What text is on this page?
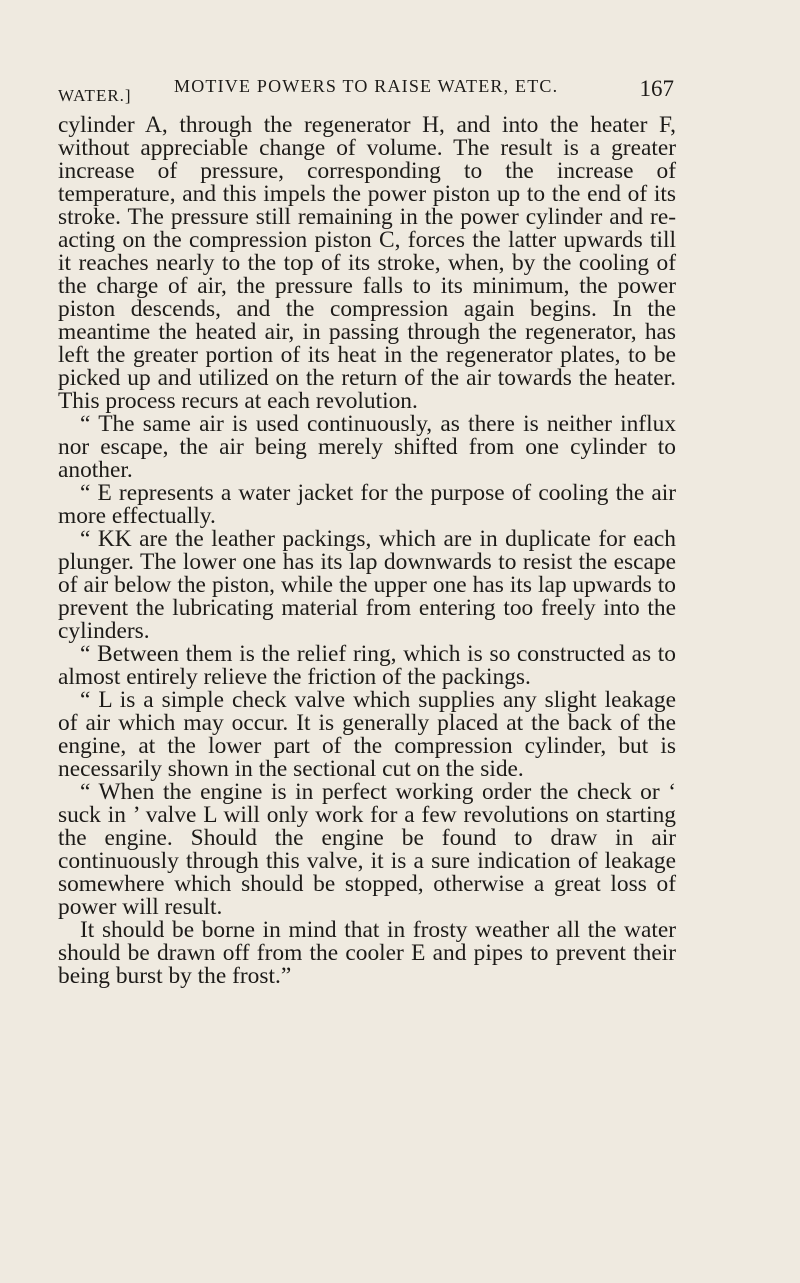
WATER.] MOTIVE POWERS TO RAISE WATER, ETC.	167

cylinder A, through the regenerator H, and into the heater F, without appreciable change of volume. The result is a greater increase of pressure, corresponding to the increase of temperature, and this impels the power piston up to the end of its stroke. The pressure still remaining in the power cylinder and re-acting on the compression piston C, forces the latter upwards till it reaches nearly to the top of its stroke, when, by the cooling of the charge of air, the pressure falls to its minimum, the power piston descends, and the compression again begins. In the meantime the heated air, in passing through the regenerator, has left the greater portion of its heat in the regenerator plates, to be picked up and utilized on the return of the air towards the heater. This process recurs at each revolution.

“ The same air is used continuously, as there is neither influx nor escape, the air being merely shifted from one cylinder to another.

“ E represents a water jacket for the purpose of cooling the air more effectually.

“ KK are the leather packings, which are in duplicate for each plunger. The lower one has its lap downwards to resist the escape of air below the piston, while the upper one has its lap upwards to prevent the lubricating material from entering too freely into the cylinders.

“ Between them is the relief ring, which is so constructed as to almost entirely relieve the friction of the packings.

“ L is a simple check valve which supplies any slight leakage of air which may occur. It is generally placed at the back of the engine, at the lower part of the compression cylinder, but is necessarily shown in the sectional cut on the side.

“ When the engine is in perfect working order the check or ‘ suck in ’ valve L will only work for a few revolutions on starting the engine. Should the engine be found to draw in air continuously through this valve, it is a sure indication of leakage somewhere which should be stopped, otherwise a great loss of power will result.

It should be borne in mind that in frosty weather all the water should be drawn off from the cooler E and pipes to prevent their being burst by the frost.”
